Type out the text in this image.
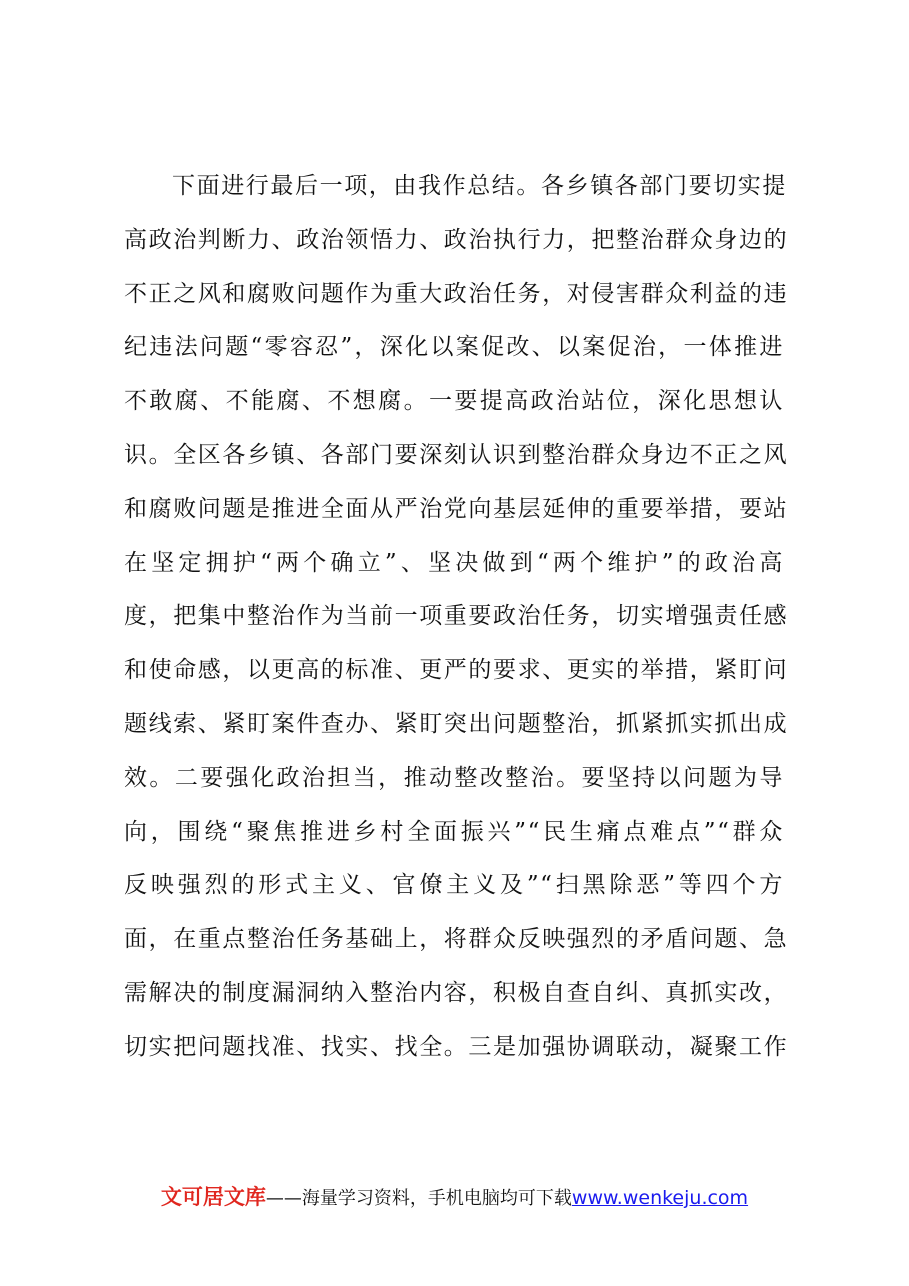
下面进行最后一项，由我作总结。各乡镇各部门要切实提
高政治判断力、政治领悟力、政治执行力，把整治群众身边的
不正之风和腐败问题作为重大政治任务，对侵害群众利益的违
纪违法问题“零容忍”，深化以案促改、以案促治，一体推进
不敢腐、不能腐、不想腐。一要提高政治站位，深化思想认
识。全区各乡镇、各部门要深刻认识到整治群众身边不正之风
和腐败问题是推进全面从严治党向基层延伸的重要举措，要站
在坚定拥护“两个确立”、坚决做到“两个维护”的政治高
度，把集中整治作为当前一项重要政治任务，切实增强责任感
和使命感，以更高的标准、更严的要求、更实的举措，紧盯问
题线索、紧盯案件查办、紧盯突出问题整治，抓紧抓实抓出成
效。二要强化政治担当，推动整改整治。要坚持以问题为导
向，围绕“聚焦推进乡村全面振兴”“民生痛点难点”“群众
反映强烈的形式主义、官僚主义及”“扫黑除恶”等四个方
面，在重点整治任务基础上，将群众反映强烈的矛盾问题、急
需解决的制度漏洞纳入整治内容，积极自查自纠、真抓实改，
切实把问题找准、找实、找全。三是加强协调联动，凝聚工作
文可居文库——海量学习资料，手机电脑均可下载www.wenkeju.com
